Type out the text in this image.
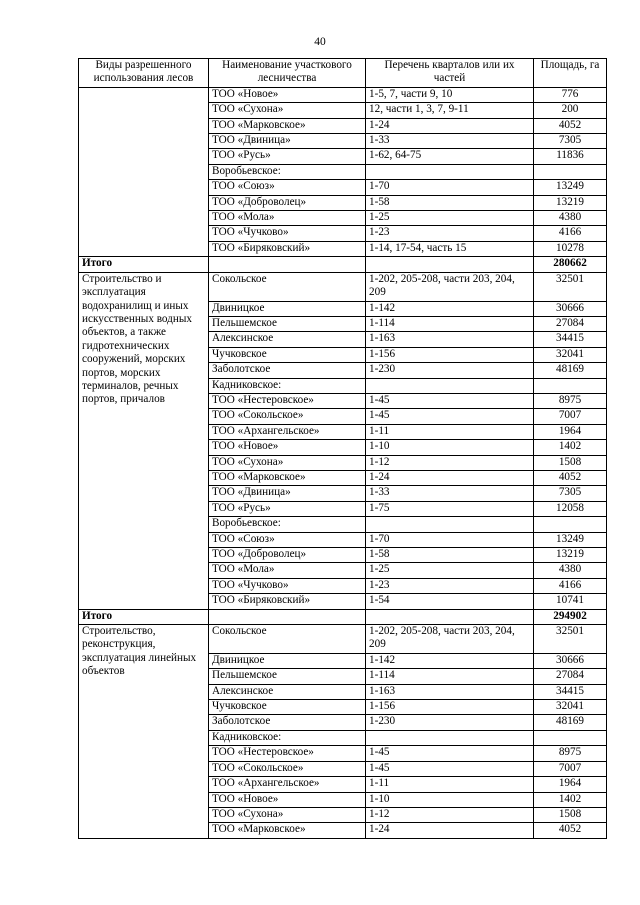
40
Виды разрешенного использования лесов	Наименование участкового лесничества	Перечень кварталов или их частей	Площадь, га
	ТОО «Новое»	1-5, 7, части 9, 10	776
	ТОО «Сухона»	12, части 1, 3, 7, 9-11	200
	ТОО «Марковское»	1-24	4052
	ТОО «Двиница»	1-33	7305
	ТОО «Русь»	1-62, 64-75	11836
	Воробьевское:		
	ТОО «Союз»	1-70	13249
	ТОО «Доброволец»	1-58	13219
	ТОО «Мола»	1-25	4380
	ТОО «Чучково»	1-23	4166
	ТОО «Биряковский»	1-14, 17-54, часть 15	10278
Итого			280662
Строительство и эксплуатация водохранилищ и иных искусственных водных объектов, а также гидротехнических сооружений, морских портов, морских терминалов, речных портов, причалов	Сокольское	1-202, 205-208, части 203, 204, 209	32501
	Двиницкое	1-142	30666
	Пельшемское	1-114	27084
	Алексинское	1-163	34415
	Чучковское	1-156	32041
	Заболотское	1-230	48169
	Кадниковское:		
	ТОО «Нестеровское»	1-45	8975
	ТОО «Сокольское»	1-45	7007
	ТОО «Архангельское»	1-11	1964
	ТОО «Новое»	1-10	1402
	ТОО «Сухона»	1-12	1508
	ТОО «Марковское»	1-24	4052
	ТОО «Двиница»	1-33	7305
	ТОО «Русь»	1-75	12058
	Воробьевское:		
	ТОО «Союз»	1-70	13249
	ТОО «Доброволец»	1-58	13219
	ТОО «Мола»	1-25	4380
	ТОО «Чучково»	1-23	4166
	ТОО «Биряковский»	1-54	10741
Итого			294902
Строительство, реконструкция, эксплуатация линейных объектов	Сокольское	1-202, 205-208, части 203, 204, 209	32501
	Двиницкое	1-142	30666
	Пельшемское	1-114	27084
	Алексинское	1-163	34415
	Чучковское	1-156	32041
	Заболотское	1-230	48169
	Кадниковское:		
	ТОО «Нестеровское»	1-45	8975
	ТОО «Сокольское»	1-45	7007
	ТОО «Архангельское»	1-11	1964
	ТОО «Новое»	1-10	1402
	ТОО «Сухона»	1-12	1508
	ТОО «Марковское»	1-24	4052
